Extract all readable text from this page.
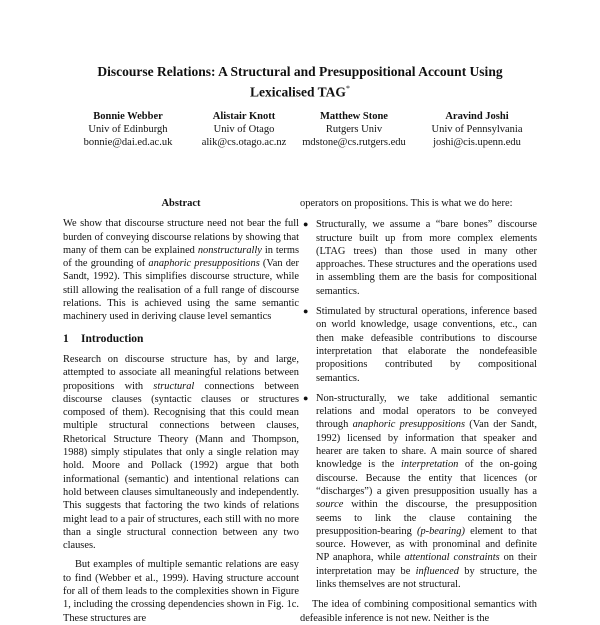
Discourse Relations: A Structural and Presuppositional Account Using
Lexicalised TAG*
Bonnie Webber
Univ of Edinburgh
bonnie@dai.ed.ac.uk
Alistair Knott
Univ of Otago
alik@cs.otago.ac.nz
Matthew Stone
Rutgers Univ
mdstone@cs.rutgers.edu
Aravind Joshi
Univ of Pennsylvania
joshi@cis.upenn.edu
Abstract

We show that discourse structure need not bear the full burden of conveying discourse relations by showing that many of them can be explained nonstructurally in terms of the grounding of anaphoric presuppositions (Van der Sandt, 1992). This simplifies discourse structure, while still allowing the realisation of a full range of discourse relations. This is achieved using the same semantic machinery used in deriving clause level semantics

1 Introduction

Research on discourse structure has, by and large, attempted to associate all meaningful relations between propositions with structural connections between discourse clauses (syntactic clauses or structures composed of them). Recognising that this could mean multiple structural connections between clauses, Rhetorical Structure Theory (Mann and Thompson, 1988) simply stipulates that only a single relation may hold. Moore and Pollack (1992) argue that both informational (semantic) and intentional relations can hold between clauses simultaneously and independently. This suggests that factoring the two kinds of relations might lead to a pair of structures, each still with no more than a single structural connection between any two clauses.

But examples of multiple semantic relations are easy to find (Webber et al., 1999). Having structure account for all of them leads to the complexities shown in Figure 1, including the crossing dependencies shown in Fig. 1c. These structures are

operators on propositions. This is what we do here:

● Structurally, we assume a “bare bones” discourse structure built up from more complex elements (LTAG trees) than those used in many other approaches. These structures and the operations used in assembling them are the basis for compositional semantics.
● Stimulated by structural operations, inference based on world knowledge, usage conventions, etc., can then make defeasible contributions to discourse interpretation that elaborate the nondefeasible propositions contributed by compositional semantics.
● Non-structurally, we take additional semantic relations and modal operators to be conveyed through anaphoric presuppositions (Van der Sandt, 1992) licensed by information that speaker and hearer are taken to share. A main source of shared knowledge is the interpretation of the on-going discourse. Because the entity that licences (or “discharges”) a given presupposition usually has a source within the discourse, the presupposition seems to link the clause containing the presupposition-bearing (p-bearing) element to that source. However, as with pronominal and definite NP anaphora, while attentional constraints on their interpretation may be influenced by structure, the links themselves are not structural.

The idea of combining compositional semantics with defeasible inference is not new. Neither is the
